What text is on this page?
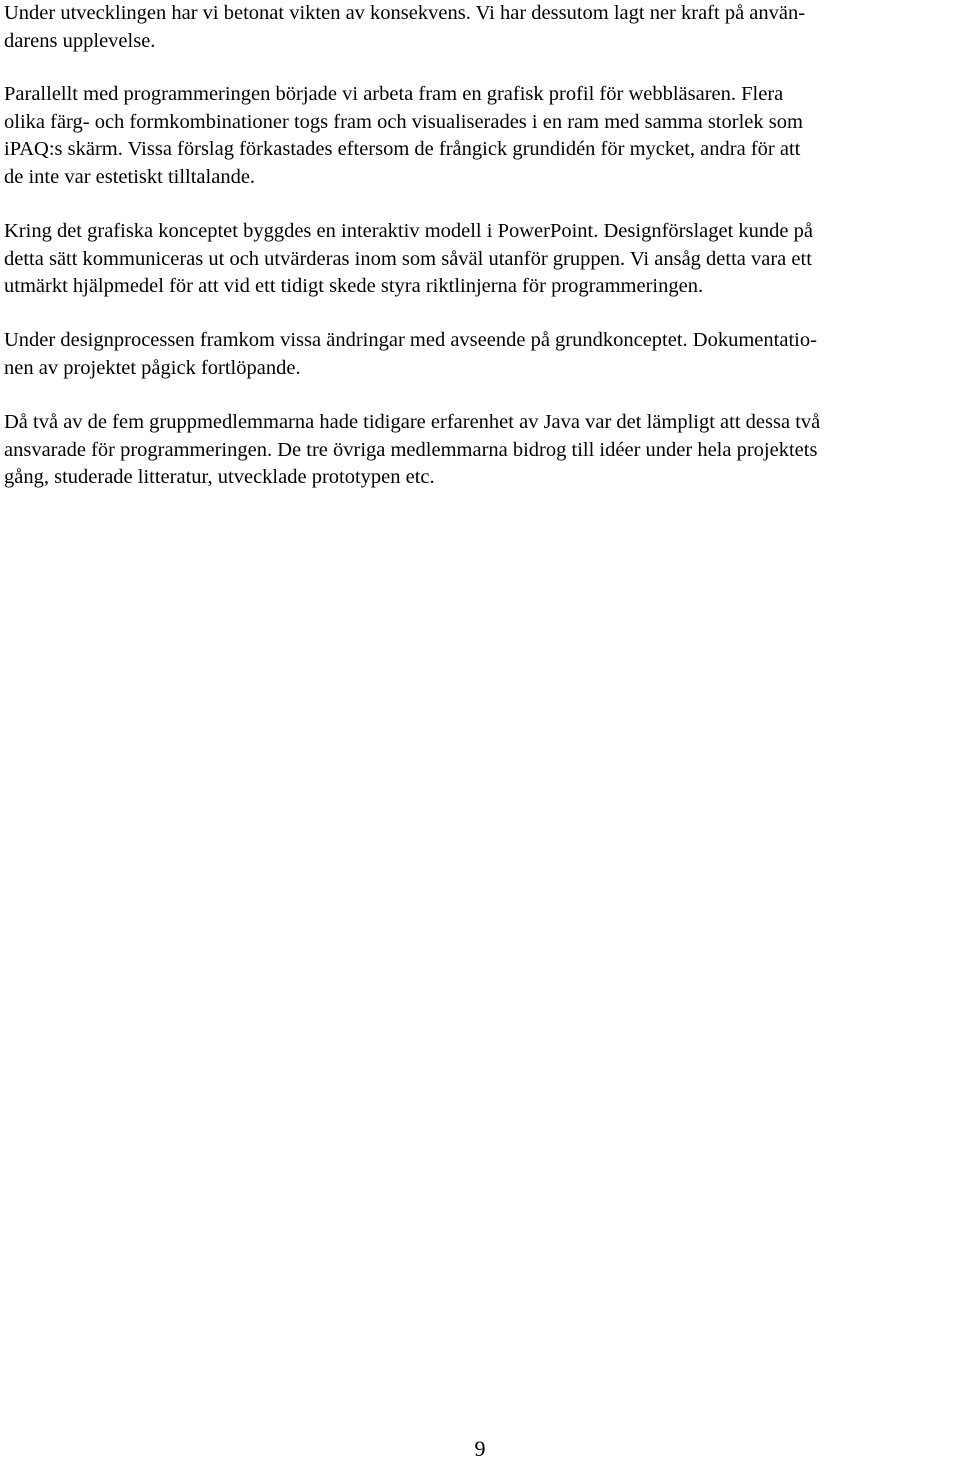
Under utvecklingen har vi betonat vikten av konsekvens. Vi har dessutom lagt ner kraft på använ-
darens upplevelse.

Parallellt med programmeringen började vi arbeta fram en grafisk profil för webbläsaren. Flera
olika färg- och formkombinationer togs fram och visualiserades i en ram med samma storlek som
iPAQ:s skärm. Vissa förslag förkastades eftersom de frångick grundidén för mycket, andra för att
de inte var estetiskt tilltalande.

Kring det grafiska konceptet byggdes en interaktiv modell i PowerPoint. Designförslaget kunde på
detta sätt kommuniceras ut och utvärderas inom som såväl utanför gruppen. Vi ansåg detta vara ett
utmärkt hjälpmedel för att vid ett tidigt skede styra riktlinjerna för programmeringen.

Under designprocessen framkom vissa ändringar med avseende på grundkonceptet. Dokumentatio-
nen av projektet pågick fortlöpande.

Då två av de fem gruppmedlemmarna hade tidigare erfarenhet av Java var det lämpligt att dessa två
ansvarade för programmeringen. De tre övriga medlemmarna bidrog till idéer under hela projektets
gång, studerade litteratur, utvecklade prototypen etc.

9
